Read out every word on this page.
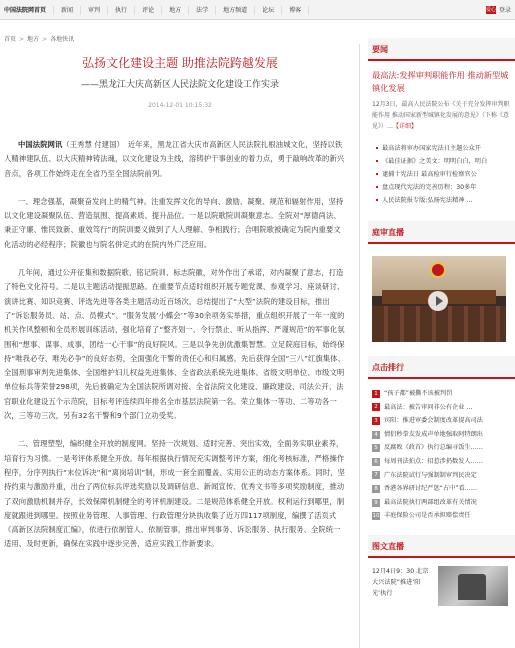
中国法院网首页	新闻	审判	执行	评论	地方	法学	地方频道	论坛	博客	爱心 登录
首页 > 地方 > 各地快讯
弘扬文化建设主题 助推法院跨越发展
——黑龙江大庆高新区人民法院文化建设工作实录
2014-12-01 10:15:32

中国法院网讯（王秀慧 付建国）　近年来，黑龙江省大庆市高新区人民法院扎根油城文化，坚持以铁人精神建队伍、以大庆精神铸法魂，以文化建设为主线，溶铸护干事创业的着力点，勇于敲响改革的新兴音点，各项工作始终走在全省乃至全国法院前列。

一、理念强基，凝聚奋发向上的精气神。注重发挥文化的导向、激励、凝聚、规范和辐射作用，坚持以文化建设凝聚队伍、营造氛围、提高素质、提升品位。一是以院歌院训凝聚意志。全院对“厚德尚法、秉正守廉、惟民致新、重效笃行”的院训要义做到了人人理解、争相践行；合唱院歌被确定为院内重要文化活动的必经程序；院徽也与院名併定式的在院内外广泛应用。

几年间，通过公开征集和数据院歌、铭记院训、标志院徽，对外作出了承诺，对内凝聚了意志，打造了特色文化符号。二是以主题活动提振思路。在重要节点适时组织开展专题党课、参观学习、座谈研讨、演讲比赛、知识竞赛、评选先进等各类主题活动近百场次，总结提出了“大型”法院的建设目标，推出了“诉讼服务员、站、点、员模式”、“服务发展‘小蝶会’”等30余项务实举措，重点组织开展了一年一度的机关作风整顿和全员形展训练活动，强化培育了“整齐划一、令行禁止、听从指挥、严谨规范”的军事化氛围和“想事、谋事、成事，团结一心干事”的良好院风。三是以争先创优激集智慧。立足院庭目标，始终保持“唯我必夺、唯先必争”的良好态势，全面强化干警的责任心和归属感。先后获得全国“三八”红旗集体、全国刑事审判先进集体、全国维护妇儿权益先进集体、全省政法系统先进集体、省级文明单位、市级文明单位标兵等荣誉298项，先后被确定为全国法院所调对接、全省法院文化建设、廉政建设、司法公开、法官职业化建设五个示范院，目标考评连续四年排名全市基层法院第一名。荣立集体一等功、二等功各一次，三等功三次，另有32名干警和9个部门立功受奖。

二、管理塑型，编织健全开放的制度网。坚持一次规划、适时完善、突出实效，全面务实职业素养，培育行为习惯。一是考评体系健全开放。每年根据执行情况充实调整考评方案，细化考核标准，严格操作程序，分序列执行“末位诉决”和“离岗培训”制，形成一套全面覆盖、实用公正的动态方案体系。同时，坚持约束与激励并重，出台了两位标兵评选奖励以及调研信息、新闻宣传、优秀文书等多项奖励制度，推动了双向激励机制并存，长效保障机制健全的考评机制建设。二是规范体系健全开放。权利运行到哪里，制度就跟进到哪里。按照业务管理、人事管理、行政管理分块执收集了近万四117项制度，编撰了活页式《高新区法院制度汇编》，依进行依制管人、依制管事，推出审判事务、诉讼服务、执行服务、全院统一适用、及时更新，确保在实践中逐步完善，适应实践工作新要求。

要闻
最高法:发挥审判职能作用 推动新型城镇化发展
12月3日，最高人民法院公布《关于充分发挥审判职能作用 推动国家新型城镇化发展的意见》（下称《意见》）…【详细】
最高法将审办国家宪法日主题公众开
《最佳证据》之美文：明明白白，明白
逮捕十宪法日 最高检审行检察官公
盘点现代宪法的完善历程：30多年
人民法院报专版:弘扬宪法精神 …
庭审直播
点击排行
1	“孩子都”被撕不该被判罚
2	最高法：被告审问非公有企业 …
3	宾阳：推进审委会制度改革提高司法
4	情侣秒拳友发成声单地强取阿特朗出
5	反腐败《政首》执行总编寻饭生……
6	每周刊法拍点：招惹涉扔数发人……
7	广东法院试行与强制制审判民决定
8	香港各界研讨纪严惩“占中”看……
9	最高法院执行两部组改革有关情况
10 丰庭保险公司是否承担赔偿责任
图文直播
12月4日9：30 北京大兴法院“推进‘阳光’执行
